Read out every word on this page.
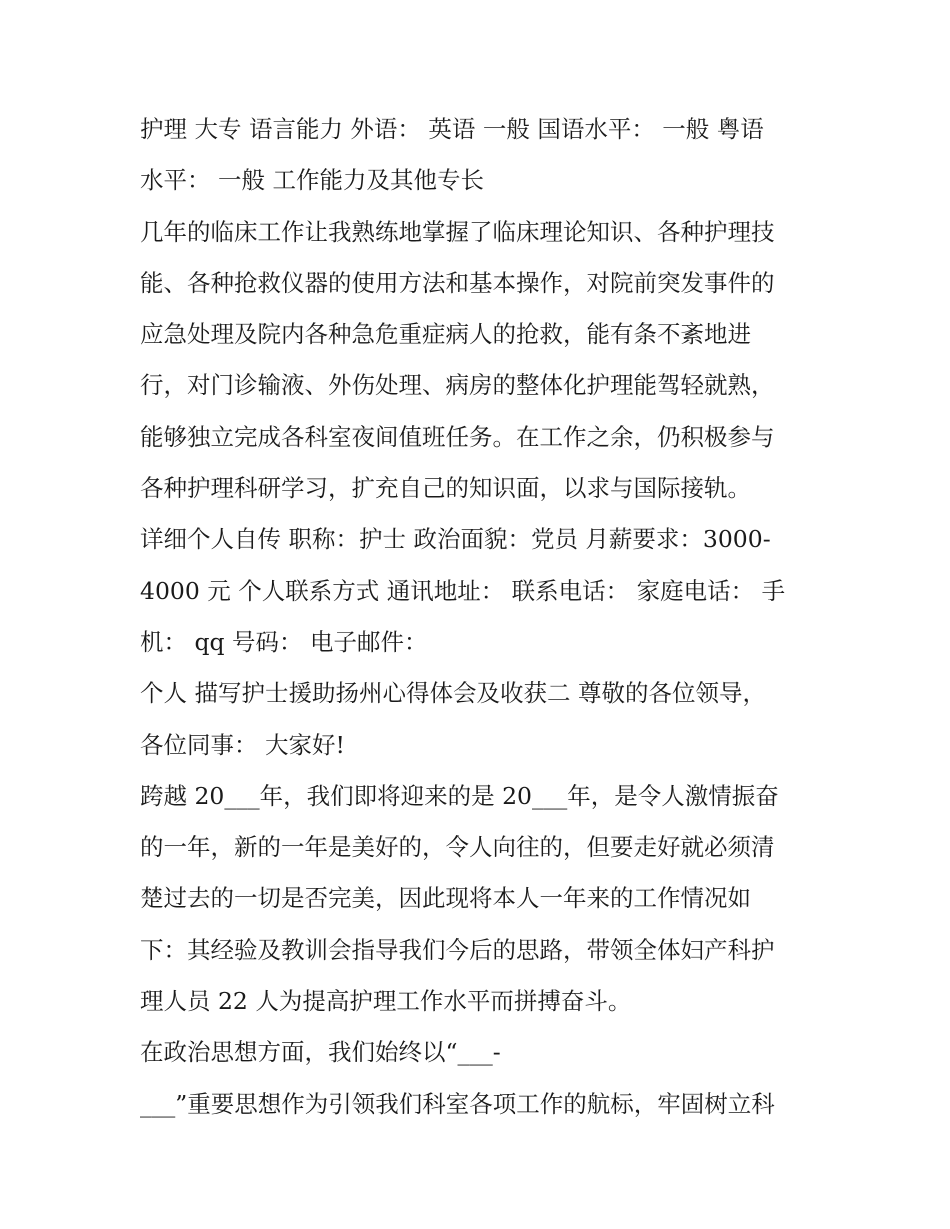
护理 大专 语言能力 外语： 英语 一般 国语水平： 一般 粤语
水平： 一般 工作能力及其他专长
几年的临床工作让我熟练地掌握了临床理论知识、各种护理技
能、各种抢救仪器的使用方法和基本操作，对院前突发事件的
应急处理及院内各种急危重症病人的抢救，能有条不紊地进
行，对门诊输液、外伤处理、病房的整体化护理能驾轻就熟，
能够独立完成各科室夜间值班任务。在工作之余，仍积极参与
各种护理科研学习，扩充自己的知识面，以求与国际接轨。
详细个人自传 职称：护士 政治面貌：党员 月薪要求：3000-
4000 元 个人联系方式 通讯地址： 联系电话： 家庭电话： 手
机： qq 号码： 电子邮件：
个人 描写护士援助扬州心得体会及收获二 尊敬的各位领导，
各位同事： 大家好!
跨越 20___年，我们即将迎来的是 20___年，是令人激情振奋
的一年，新的一年是美好的，令人向往的，但要走好就必须清
楚过去的一切是否完美，因此现将本人一年来的工作情况如
下：其经验及教训会指导我们今后的思路，带领全体妇产科护
理人员 22 人为提高护理工作水平而拼搏奋斗。
在政治思想方面，我们始终以“___-
___”重要思想作为引领我们科室各项工作的航标，牢固树立科
